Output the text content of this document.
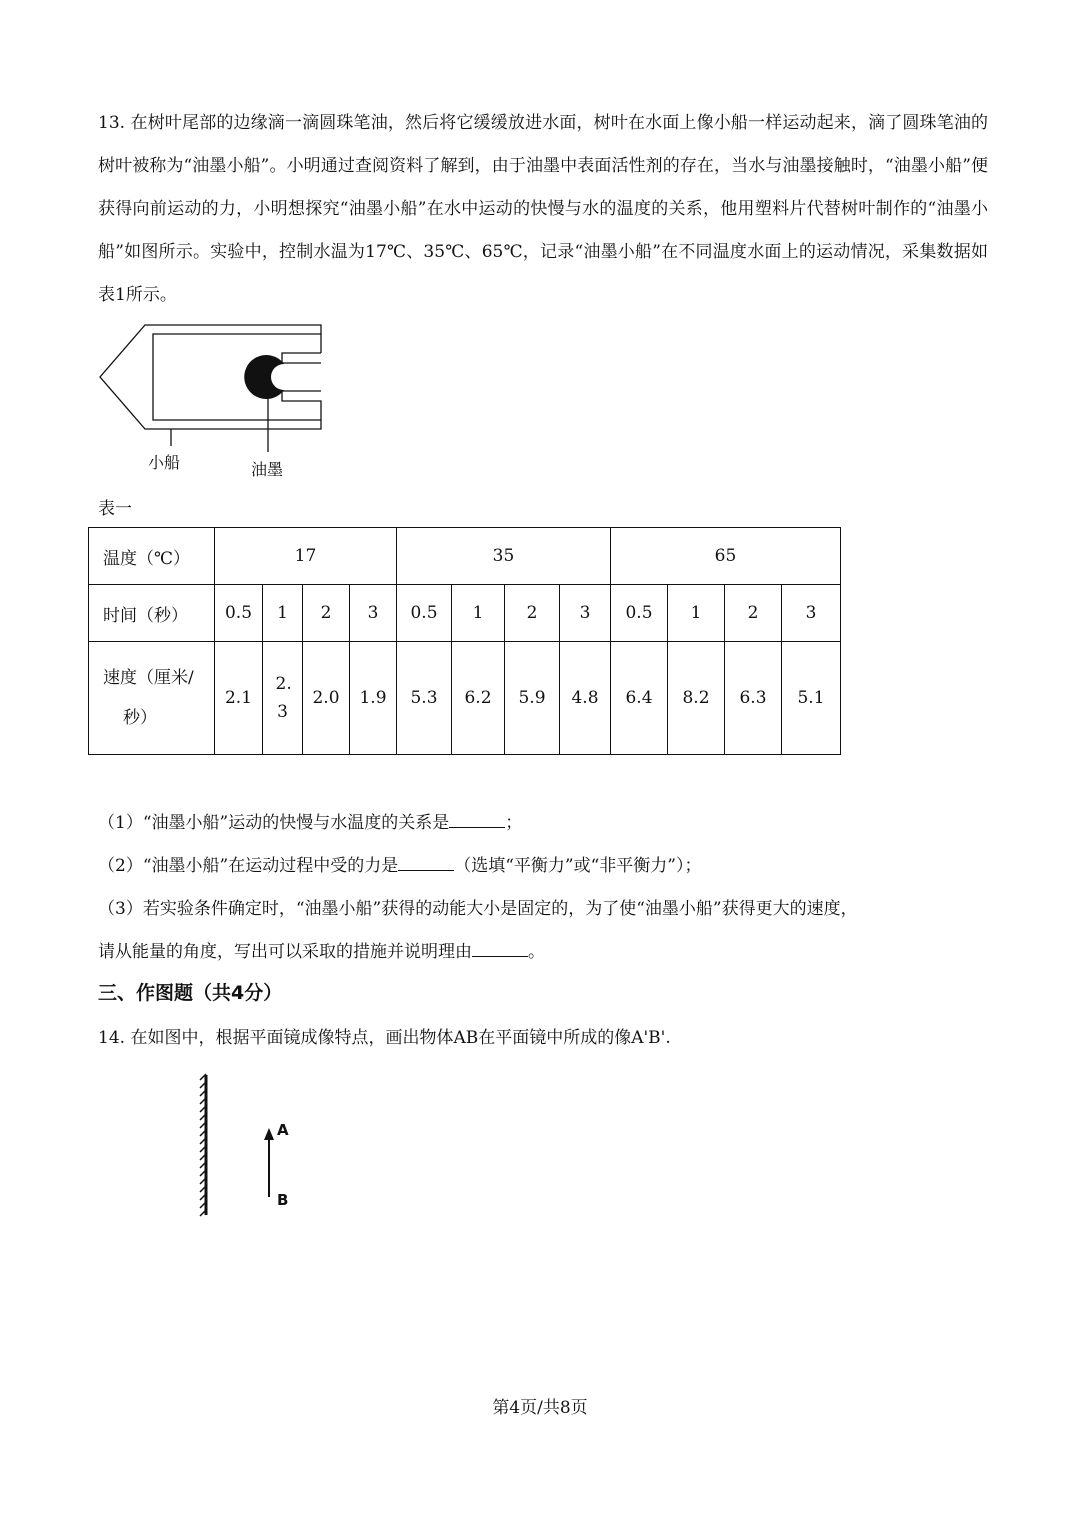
13. 在树叶尾部的边缘滴一滴圆珠笔油，然后将它缓缓放进水面，树叶在水面上像小船一样运动起来，滴了圆珠笔油的树叶被称为“油墨小船”。小明通过查阅资料了解到，由于油墨中表面活性剂的存在，当水与油墨接触时，“油墨小船”便获得向前运动的力，小明想探究“油墨小船”在水中运动的快慢与水的温度的关系，他用塑料片代替树叶制作的“油墨小船”如图所示。实验中，控制水温为17℃、35℃、65℃，记录“油墨小船”在不同温度水面上的运动情况，采集数据如表1所示。
小船	油墨
表一
温度（℃）	17				35				65			
时间（秒）	0.5	1	2	3	0.5	1	2	3	0.5	1	2	3

速度（厘米/
秒）	2.1	2.3	2.0	1.9	5.3	6.2	5.9	4.8	6.4	8.2	6.3	5.1
（1）“油墨小船”运动的快慢与水温度的关系是	；
（2）“油墨小船”在运动过程中受的力是	（选填“平衡力”或“非平衡力”）；
（3）若实验条件确定时，“油墨小船”获得的动能大小是固定的，为了使“油墨小船”获得更大的速度，
请从能量的角度，写出可以采取的措施并说明理由	。
三、作图题（共4分）
14. 在如图中，根据平面镜成像特点，画出物体AB在平面镜中所成的像A'B'.
A
B
第4页/共8页
